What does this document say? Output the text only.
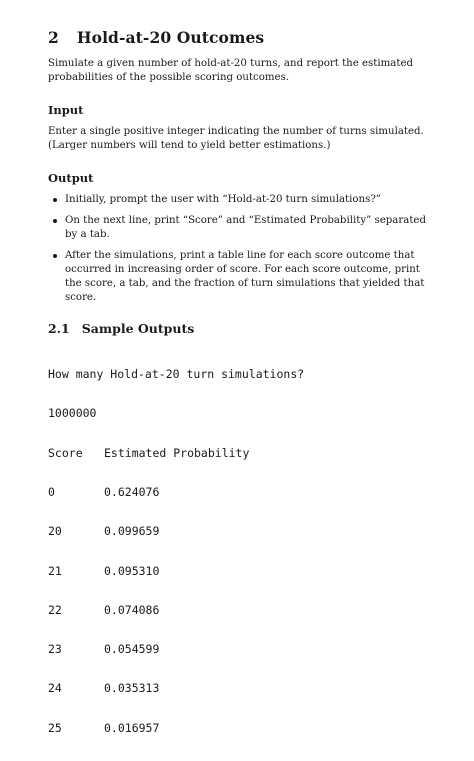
2 Hold-at-20 Outcomes

Simulate a given number of hold-at-20 turns, and report the estimated probabilities of the possible scoring outcomes.

Input

Enter a single positive integer indicating the number of turns simulated. (Larger numbers will tend to yield better estimations.)

Output
Initially, prompt the user with “Hold-at-20 turn simulations?”
On the next line, print “Score” and “Estimated Probability” separated by a tab.
After the simulations, print a table line for each score outcome that occurred in increasing order of score. For each score outcome, print the score, a tab, and the fraction of turn simulations that yielded that score.
2.1 Sample Outputs

How many Hold-at-20 turn simulations?

1000000

Score	Estimated Probability

0	0.624076

20	0.099659

21	0.095310

22	0.074086

23	0.054599

24	0.035313

25	0.016957
